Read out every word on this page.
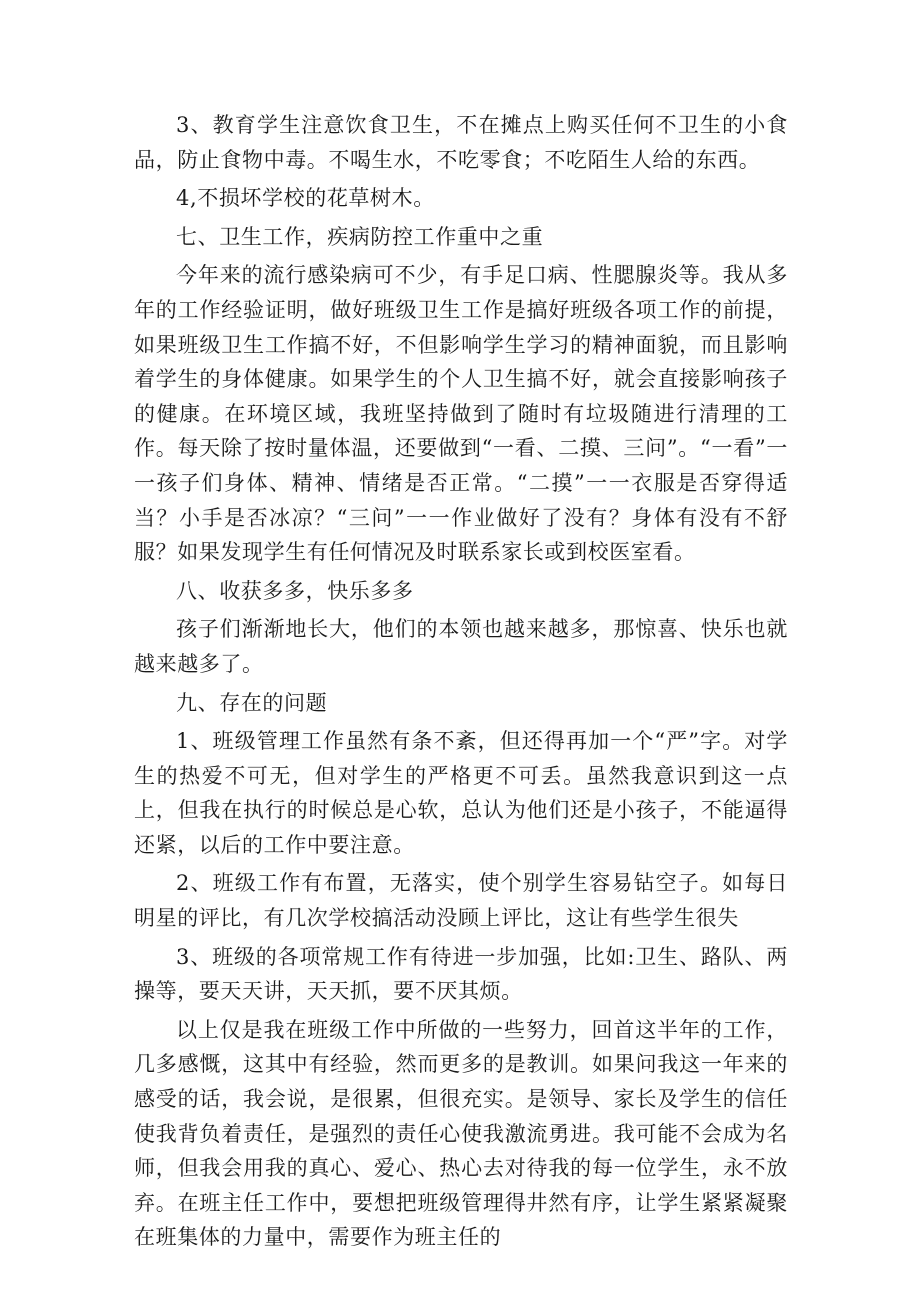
3、教育学生注意饮食卫生，不在摊点上购买任何不卫生的小食品，防止食物中毒。不喝生水，不吃零食；不吃陌生人给的东西。

4,不损坏学校的花草树木。

七、卫生工作，疾病防控工作重中之重

今年来的流行感染病可不少，有手足口病、性腮腺炎等。我从多年的工作经验证明，做好班级卫生工作是搞好班级各项工作的前提，如果班级卫生工作搞不好，不但影响学生学习的精神面貌，而且影响着学生的身体健康。如果学生的个人卫生搞不好，就会直接影响孩子的健康。在环境区域，我班坚持做到了随时有垃圾随进行清理的工作。每天除了按时量体温，还要做到“一看、二摸、三问”。“一看”一一孩子们身体、精神、情绪是否正常。“二摸”一一衣服是否穿得适当？小手是否冰凉？“三问”一一作业做好了没有？身体有没有不舒服？如果发现学生有任何情况及时联系家长或到校医室看。

八、收获多多，快乐多多

孩子们渐渐地长大，他们的本领也越来越多，那惊喜、快乐也就越来越多了。

九、存在的问题

1、班级管理工作虽然有条不紊，但还得再加一个“严”字。对学生的热爱不可无，但对学生的严格更不可丢。虽然我意识到这一点上，但我在执行的时候总是心软，总认为他们还是小孩子，不能逼得还紧，以后的工作中要注意。

2、班级工作有布置，无落实，使个别学生容易钻空子。如每日明星的评比，有几次学校搞活动没顾上评比，这让有些学生很失

3、班级的各项常规工作有待进一步加强，比如:卫生、路队、两操等，要天天讲，天天抓，要不厌其烦。

以上仅是我在班级工作中所做的一些努力，回首这半年的工作，几多感慨，这其中有经验，然而更多的是教训。如果问我这一年来的感受的话，我会说，是很累，但很充实。是领导、家长及学生的信任使我背负着责任，是强烈的责任心使我激流勇进。我可能不会成为名师，但我会用我的真心、爱心、热心去对待我的每一位学生，永不放弃。在班主任工作中，要想把班级管理得井然有序，让学生紧紧凝聚在班集体的力量中，需要作为班主任的
